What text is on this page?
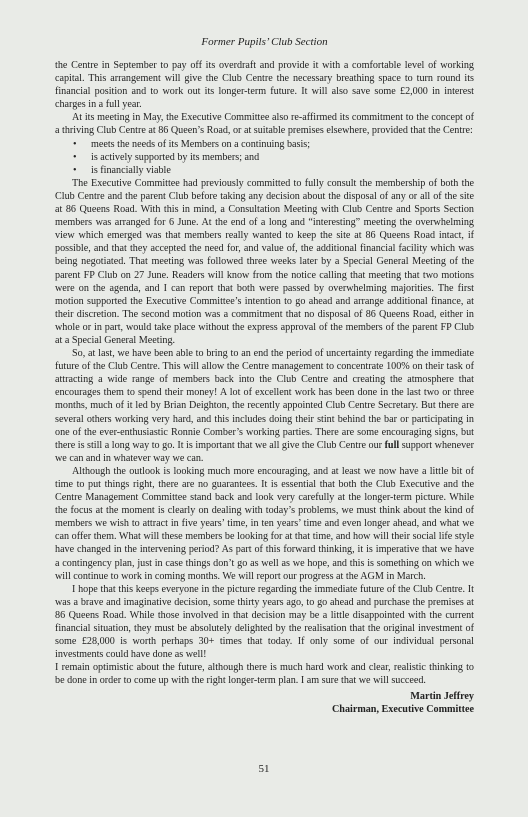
Former Pupils’ Club Section

the Centre in September to pay off its overdraft and provide it with a comfortable level of working capital. This arrangement will give the Club Centre the necessary breathing space to turn round its financial position and to work out its longer-term future. It will also save some £2,000 in interest charges in a full year.

At its meeting in May, the Executive Committee also re-affirmed its commitment to the concept of a thriving Club Centre at 86 Queen’s Road, or at suitable premises elsewhere, provided that the Centre:

• meets the needs of its Members on a continuing basis;
• is actively supported by its members; and
• is financially viable

The Executive Committee had previously committed to fully consult the membership of both the Club Centre and the parent Club before taking any decision about the disposal of any or all of the site at 86 Queens Road. With this in mind, a Consultation Meeting with Club Centre and Sports Section members was arranged for 6 June. At the end of a long and “interesting” meeting the overwhelming view which emerged was that members really wanted to keep the site at 86 Queens Road intact, if possible, and that they accepted the need for, and value of, the additional financial facility which was being negotiated. That meeting was followed three weeks later by a Special General Meeting of the parent FP Club on 27 June. Readers will know from the notice calling that meeting that two motions were on the agenda, and I can report that both were passed by overwhelming majorities. The first motion supported the Executive Committee’s intention to go ahead and arrange additional finance, at their discretion. The second motion was a commitment that no disposal of 86 Queens Road, either in whole or in part, would take place without the express approval of the members of the parent FP Club at a Special General Meeting.

So, at last, we have been able to bring to an end the period of uncertainty regarding the immediate future of the Club Centre. This will allow the Centre management to concentrate 100% on their task of attracting a wide range of members back into the Club Centre and creating the atmosphere that encourages them to spend their money! A lot of excellent work has been done in the last two or three months, much of it led by Brian Deighton, the recently appointed Club Centre Secretary. But there are several others working very hard, and this includes doing their stint behind the bar or participating in one of the ever-enthusiastic Ronnie Comber’s working parties. There are some encouraging signs, but there is still a long way to go. It is important that we all give the Club Centre our full support whenever we can and in whatever way we can.

Although the outlook is looking much more encouraging, and at least we now have a little bit of time to put things right, there are no guarantees. It is essential that both the Club Executive and the Centre Management Committee stand back and look very carefully at the longer-term picture. While the focus at the moment is clearly on dealing with today’s problems, we must think about the kind of members we wish to attract in five years’ time, in ten years’ time and even longer ahead, and what we can offer them. What will these members be looking for at that time, and how will their social life style have changed in the intervening period? As part of this forward thinking, it is imperative that we have a contingency plan, just in case things don’t go as well as we hope, and this is something on which we will continue to work in coming months. We will report our progress at the AGM in March.

I hope that this keeps everyone in the picture regarding the immediate future of the Club Centre. It was a brave and imaginative decision, some thirty years ago, to go ahead and purchase the premises at 86 Queens Road. While those involved in that decision may be a little disappointed with the current financial situation, they must be absolutely delighted by the realisation that the original investment of some £28,000 is worth perhaps 30+ times that today. If only some of our individual personal investments could have done as well!

I remain optimistic about the future, although there is much hard work and clear, realistic thinking to be done in order to come up with the right longer-term plan. I am sure that we will succeed.

Martin Jeffrey
Chairman, Executive Committee
51
